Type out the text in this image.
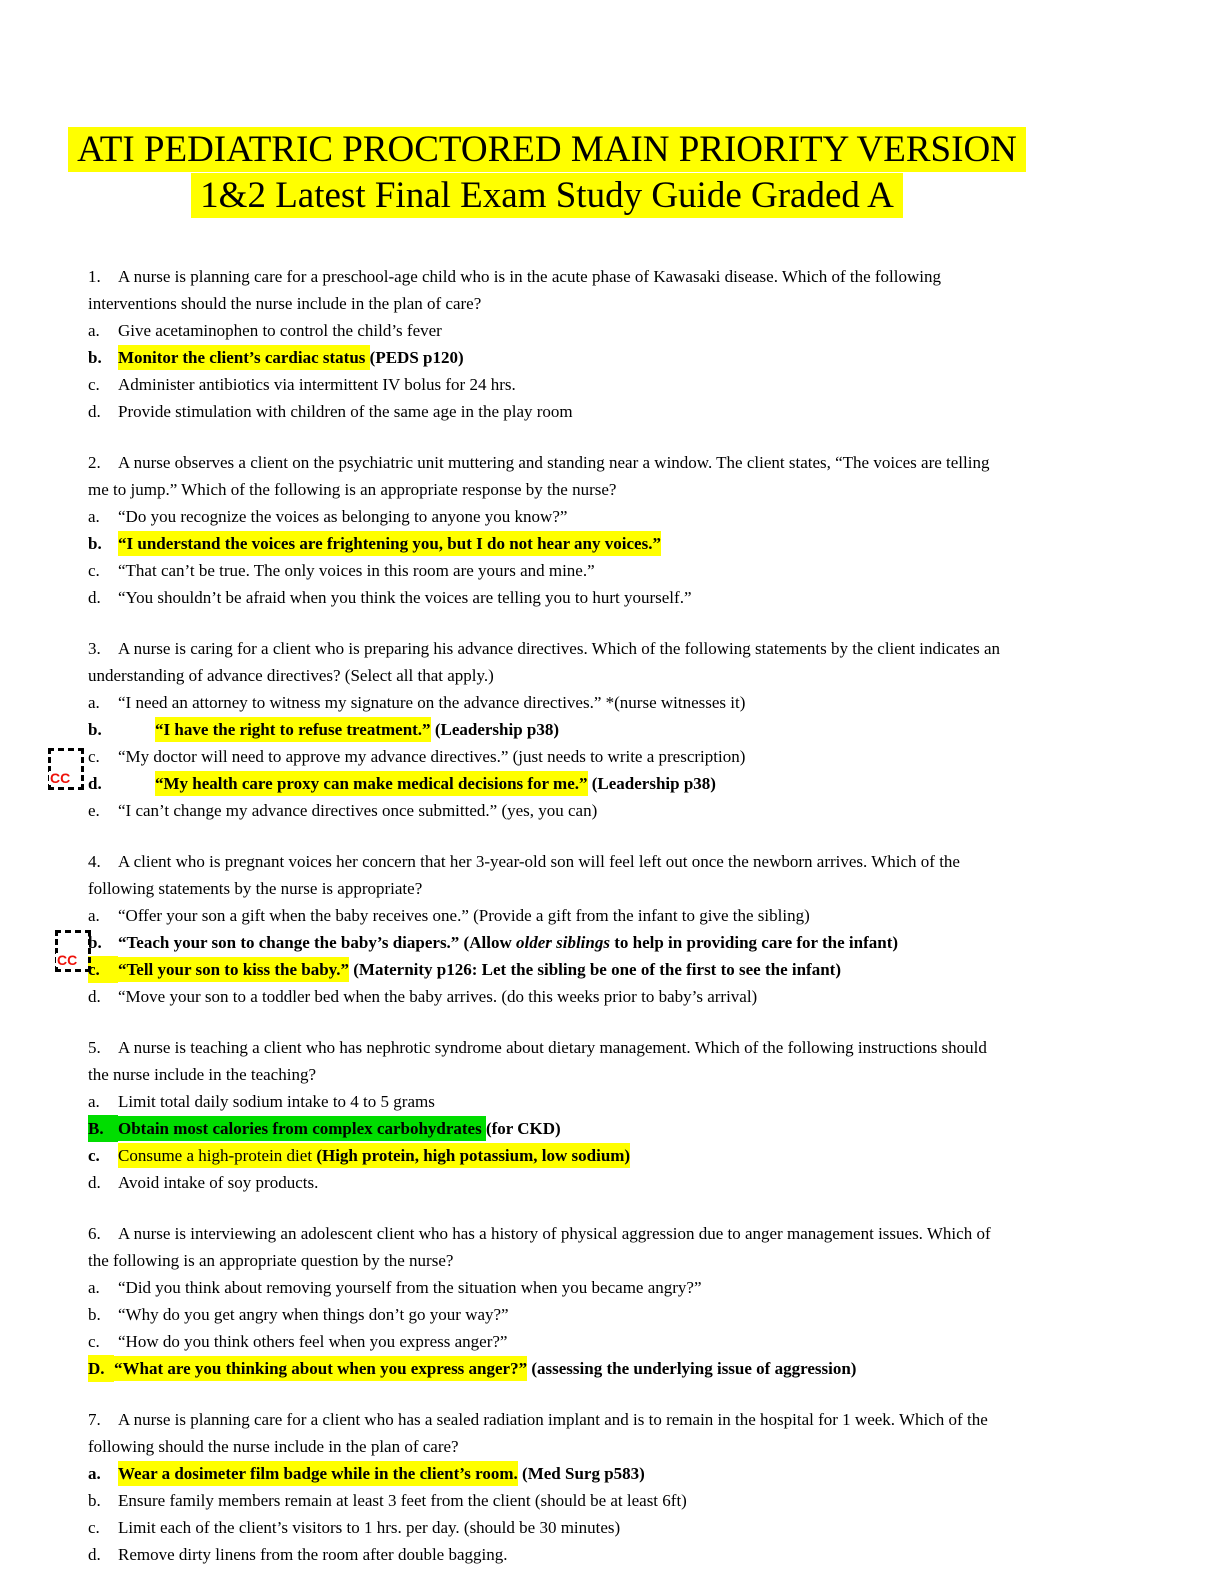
ATI PEDIATRIC PROCTORED MAIN PRIORITY VERSION
1&2 Latest Final Exam Study Guide Graded A
1. A nurse is planning care for a preschool-age child who is in the acute phase of Kawasaki disease. Which of the following
interventions should the nurse include in the plan of care?
a. Give acetaminophen to control the child’s fever
b. Monitor the client’s cardiac status (PEDS p120)
c. Administer antibiotics via intermittent IV bolus for 24 hrs.
d. Provide stimulation with children of the same age in the play room
2. A nurse observes a client on the psychiatric unit muttering and standing near a window. The client states, “The voices are telling
me to jump.” Which of the following is an appropriate response by the nurse?
a. “Do you recognize the voices as belonging to anyone you know?”
b. “I understand the voices are frightening you, but I do not hear any voices.”
c. “That can’t be true. The only voices in this room are yours and mine.”
d. “You shouldn’t be afraid when you think the voices are telling you to hurt yourself.”
3. A nurse is caring for a client who is preparing his advance directives. Which of the following statements by the client indicates an
understanding of advance directives? (Select all that apply.)
a. “I need an attorney to witness my signature on the advance directives.” *(nurse witnesses it)
b.	“I have the right to refuse treatment.” (Leadership p38)
c. “My doctor will need to approve my advance directives.” (just needs to write a prescription)
d.	“My health care proxy can make medical decisions for me.” (Leadership p38)
e. “I can’t change my advance directives once submitted.” (yes, you can)
4. A client who is pregnant voices her concern that her 3-year-old son will feel left out once the newborn arrives. Which of the
following statements by the nurse is appropriate?
a. “Offer your son a gift when the baby receives one.” (Provide a gift from the infant to give the sibling)
b. “Teach your son to change the baby’s diapers.” (Allow older siblings to help in providing care for the infant)
c. “Tell your son to kiss the baby.” (Maternity p126: Let the sibling be one of the first to see the infant)
d. “Move your son to a toddler bed when the baby arrives. (do this weeks prior to baby’s arrival)
5. A nurse is teaching a client who has nephrotic syndrome about dietary management. Which of the following instructions should
the nurse include in the teaching?
a. Limit total daily sodium intake to 4 to 5 grams
B. Obtain most calories from complex carbohydrates (for CKD)
c. Consume a high-protein diet (High protein, high potassium, low sodium)
d. Avoid intake of soy products.
6. A nurse is interviewing an adolescent client who has a history of physical aggression due to anger management issues. Which of
the following is an appropriate question by the nurse?
a. “Did you think about removing yourself from the situation when you became angry?”
b. “Why do you get angry when things don’t go your way?”
c. “How do you think others feel when you express anger?”
D. “What are you thinking about when you express anger?” (assessing the underlying issue of aggression)
7. A nurse is planning care for a client who has a sealed radiation implant and is to remain in the hospital for 1 week. Which of the
following should the nurse include in the plan of care?
a. Wear a dosimeter film badge while in the client’s room. (Med Surg p583)
b. Ensure family members remain at least 3 feet from the client (should be at least 6ft)
c. Limit each of the client’s visitors to 1 hrs. per day. (should be 30 minutes)
d. Remove dirty linens from the room after double bagging.
CC
CC
